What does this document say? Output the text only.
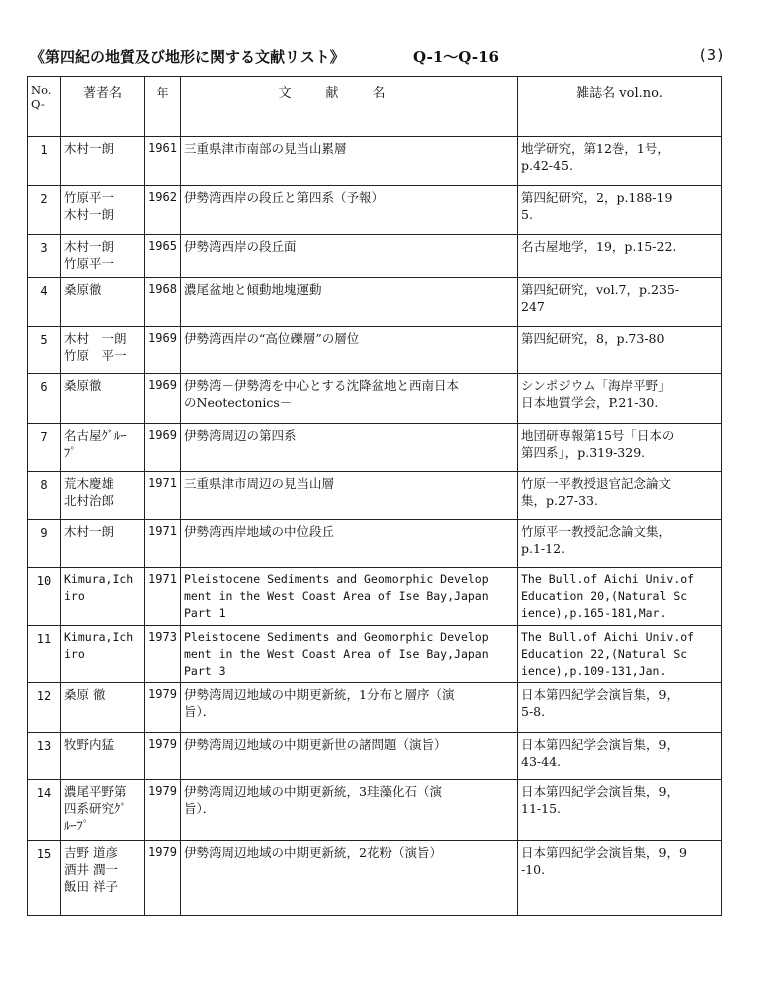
《第四紀の地質及び地形に関する文献リスト》	Q-1〜Q-16	(3)
No.
Q-	著者名	年	文献名	雑誌名 vol.no.
1	木村一朗	1961	三重県津市南部の見当山累層	地学研究，第12巻，1号，
p.42-45.
2	竹原平一
木村一朗	1962	伊勢湾西岸の段丘と第四系（予報）	第四紀研究，2，p.188-19
5.
3	木村一朗
竹原平一	1965	伊勢湾西岸の段丘面	名古屋地学，19，p.15-22.
4	桑原徹	1968	濃尾盆地と傾動地塊運動	第四紀研究，vol.7，p.235-
247
5	木村　一朗
竹原　平一	1969	伊勢湾西岸の“高位礫層”の層位	第四紀研究，8，p.73-80
6	桑原徹	1969	伊勢湾－伊勢湾を中心とする沈降盆地と西南日本
のNeotectonics－	シンポジウム「海岸平野」
日本地質学会，P.21-30.
7	名古屋ｸﾞﾙｰ
ﾌﾟ	1969	伊勢湾周辺の第四系	地団研専報第15号「日本の
第四系」，p.319-329.
8	荒木慶雄
北村治郎	1971	三重県津市周辺の見当山層	竹原一平教授退官記念論文
集，p.27-33.
9	木村一朗	1971	伊勢湾西岸地域の中位段丘	竹原平一教授記念論文集，
p.1-12.
10	Kimura,Ich
iro	1971	Pleistocene Sediments and Geomorphic Develop
ment in the West Coast Area of Ise Bay,Japan
Part 1	The Bull.of Aichi Univ.of
Education 20,(Natural Sc
ience),p.165-181,Mar.
11	Kimura,Ich
iro	1973	Pleistocene Sediments and Geomorphic Develop
ment in the West Coast Area of Ise Bay,Japan
Part 3	The Bull.of Aichi Univ.of
Education 22,(Natural Sc
ience),p.109-131,Jan.
12	桑原 徹	1979	伊勢湾周辺地域の中期更新統，1分布と層序（演
旨）．	日本第四紀学会演旨集，9，
5-8.
13	牧野内猛	1979	伊勢湾周辺地域の中期更新世の諸問題（演旨）	日本第四紀学会演旨集，9，
43-44.
14	濃尾平野第
四系研究ｸﾞ
ﾙｰﾌﾟ	1979	伊勢湾周辺地域の中期更新統，3珪藻化石（演
旨）．	日本第四紀学会演旨集，9，
11-15.
15	吉野 道彦
酒井 潤一
飯田 祥子	1979	伊勢湾周辺地域の中期更新統，2花粉（演旨）	日本第四紀学会演旨集，9，9
-10.
